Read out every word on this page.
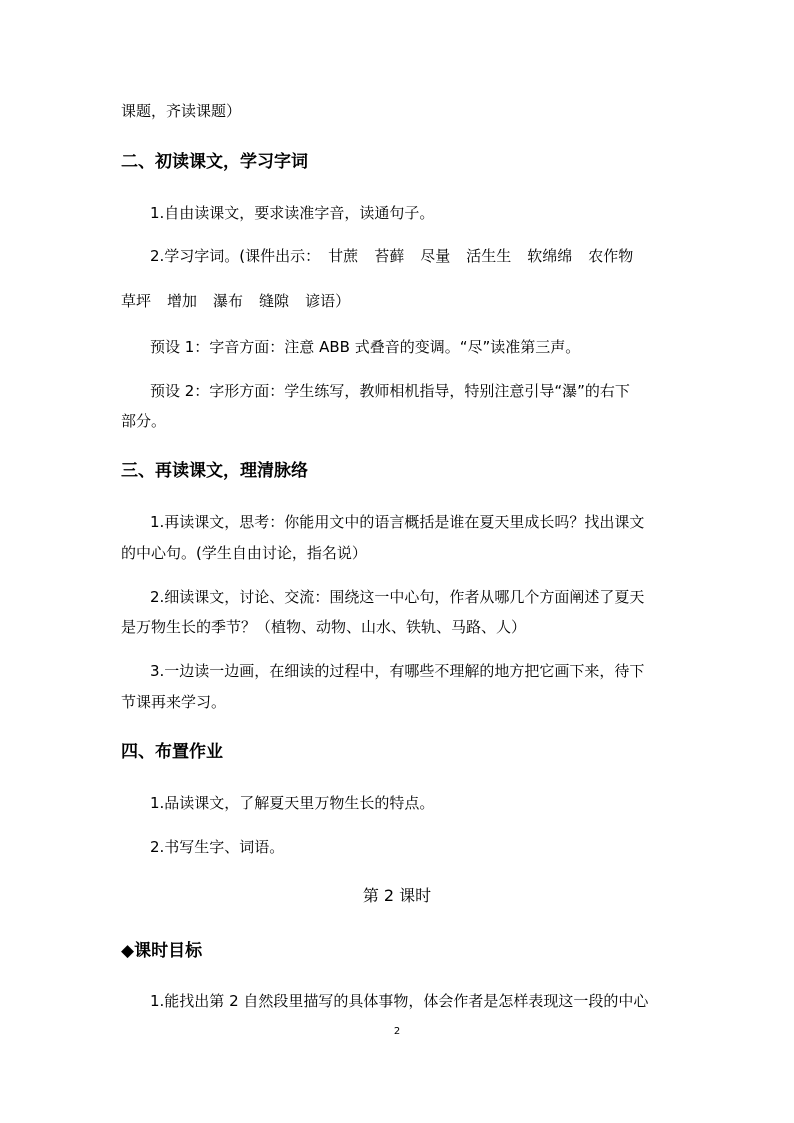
课题，齐读课题）
二、初读课文，学习字词
1.自由读课文，要求读准字音，读通句子。
2.学习字词。(课件出示： 甘蔗 苔藓 尽量 活生生 软绵绵 农作物
草坪 增加 瀑布 缝隙 谚语）
预设 1：字音方面：注意 ABB 式叠音的变调。“尽”读准第三声。
预设 2：字形方面：学生练写，教师相机指导，特别注意引导“瀑”的右下
部分。
三、再读课文，理清脉络
1.再读课文，思考：你能用文中的语言概括是谁在夏天里成长吗？找出课文
的中心句。(学生自由讨论，指名说）
2.细读课文，讨论、交流：围绕这一中心句，作者从哪几个方面阐述了夏天
是万物生长的季节？（植物、动物、山水、铁轨、马路、人）
3.一边读一边画，在细读的过程中，有哪些不理解的地方把它画下来，待下
节课再来学习。
四、布置作业
1.品读课文，了解夏天里万物生长的特点。
2.书写生字、词语。
第 2 课时
◆课时目标
1.能找出第 2 自然段里描写的具体事物，体会作者是怎样表现这一段的中心
2
